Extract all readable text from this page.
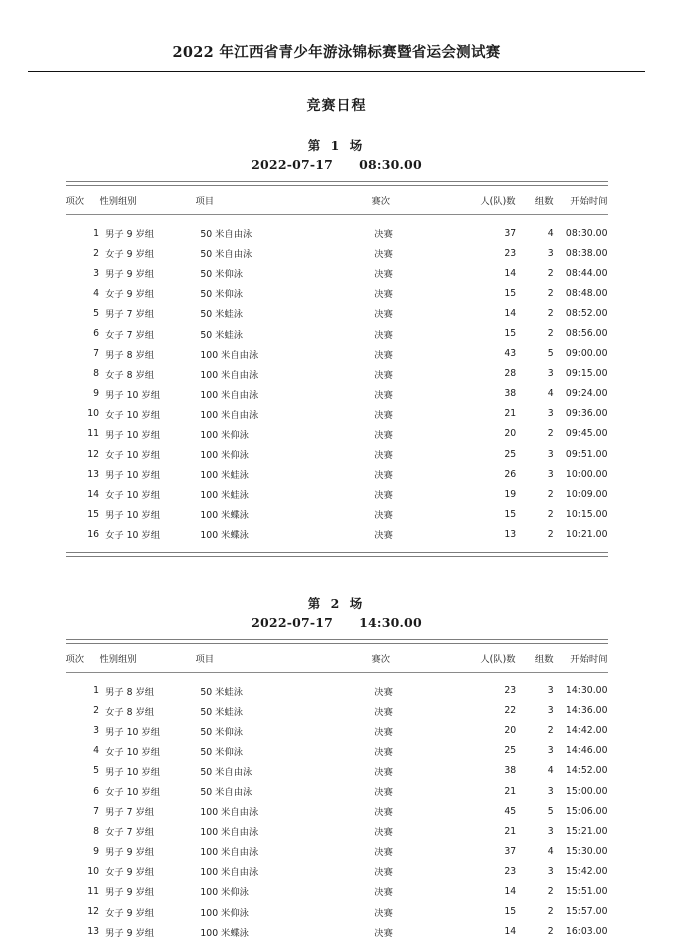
2022 年江西省青少年游泳锦标赛暨省运会测试赛
竞赛日程
第 1 场
2022-07-17 08:30.00
项次	性别组别	项目	赛次	人(队)数	组数	开始时间
1	男子 9 岁组	50 米自由泳	决赛	37	4	08:30.00
2	女子 9 岁组	50 米自由泳	决赛	23	3	08:38.00
3	男子 9 岁组	50 米仰泳	决赛	14	2	08:44.00
4	女子 9 岁组	50 米仰泳	决赛	15	2	08:48.00
5	男子 7 岁组	50 米蛙泳	决赛	14	2	08:52.00
6	女子 7 岁组	50 米蛙泳	决赛	15	2	08:56.00
7	男子 8 岁组	100 米自由泳	决赛	43	5	09:00.00
8	女子 8 岁组	100 米自由泳	决赛	28	3	09:15.00
9	男子 10 岁组	100 米自由泳	决赛	38	4	09:24.00
10	女子 10 岁组	100 米自由泳	决赛	21	3	09:36.00
11	男子 10 岁组	100 米仰泳	决赛	20	2	09:45.00
12	女子 10 岁组	100 米仰泳	决赛	25	3	09:51.00
13	男子 10 岁组	100 米蛙泳	决赛	26	3	10:00.00
14	女子 10 岁组	100 米蛙泳	决赛	19	2	10:09.00
15	男子 10 岁组	100 米蝶泳	决赛	15	2	10:15.00
16	女子 10 岁组	100 米蝶泳	决赛	13	2	10:21.00
第 2 场
2022-07-17 14:30.00
项次	性别组别	项目	赛次	人(队)数	组数	开始时间
1	男子 8 岁组	50 米蛙泳	决赛	23	3	14:30.00
2	女子 8 岁组	50 米蛙泳	决赛	22	3	14:36.00
3	男子 10 岁组	50 米仰泳	决赛	20	2	14:42.00
4	女子 10 岁组	50 米仰泳	决赛	25	3	14:46.00
5	男子 10 岁组	50 米自由泳	决赛	38	4	14:52.00
6	女子 10 岁组	50 米自由泳	决赛	21	3	15:00.00
7	男子 7 岁组	100 米自由泳	决赛	45	5	15:06.00
8	女子 7 岁组	100 米自由泳	决赛	21	3	15:21.00
9	男子 9 岁组	100 米自由泳	决赛	37	4	15:30.00
10	女子 9 岁组	100 米自由泳	决赛	23	3	15:42.00
11	男子 9 岁组	100 米仰泳	决赛	14	2	15:51.00
12	女子 9 岁组	100 米仰泳	决赛	15	2	15:57.00
13	男子 9 岁组	100 米蝶泳	决赛	14	2	16:03.00
